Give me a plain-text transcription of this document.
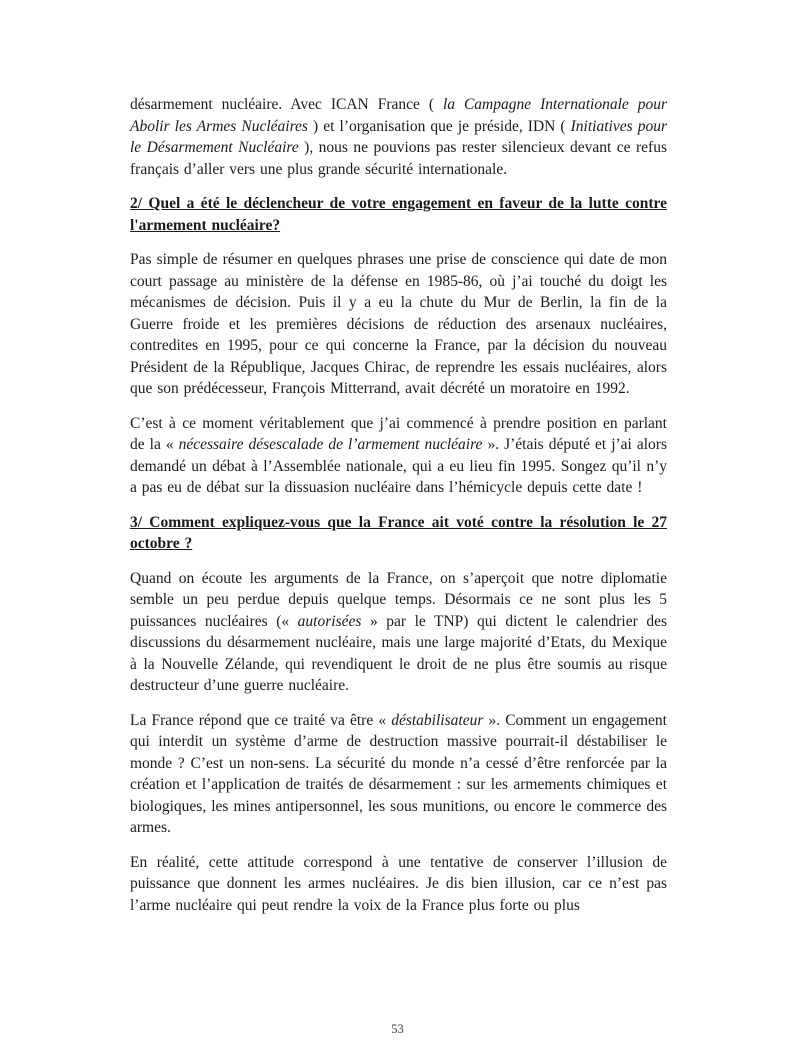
désarmement nucléaire. Avec ICAN France ( la Campagne Internationale pour Abolir les Armes Nucléaires ) et l’organisation que je préside, IDN ( Initiatives pour le Désarmement Nucléaire ), nous ne pouvions pas rester silencieux devant ce refus français d’aller vers une plus grande sécurité internationale.
2/ Quel a été le déclencheur de votre engagement en faveur de la lutte contre l'armement nucléaire?
Pas simple de résumer en quelques phrases une prise de conscience qui date de mon court passage au ministère de la défense en 1985-86, où j’ai touché du doigt les mécanismes de décision. Puis il y a eu la chute du Mur de Berlin, la fin de la Guerre froide et les premières décisions de réduction des arsenaux nucléaires, contredites en 1995, pour ce qui concerne la France, par la décision du nouveau Président de la République, Jacques Chirac, de reprendre les essais nucléaires, alors que son prédécesseur, François Mitterrand, avait décrété un moratoire en 1992.
C’est à ce moment véritablement que j’ai commencé à prendre position en parlant de la « nécessaire désescalade de l’armement nucléaire ». J’étais député et j’ai alors demandé un débat à l’Assemblée nationale, qui a eu lieu fin 1995. Songez qu’il n’y a pas eu de débat sur la dissuasion nucléaire dans l’hémicycle depuis cette date !
3/ Comment expliquez-vous que la France ait voté contre la résolution le 27 octobre ?
Quand on écoute les arguments de la France, on s’aperçoit que notre diplomatie semble un peu perdue depuis quelque temps. Désormais ce ne sont plus les 5 puissances nucléaires (« autorisées » par le TNP) qui dictent le calendrier des discussions du désarmement nucléaire, mais une large majorité d’Etats, du Mexique à la Nouvelle Zélande, qui revendiquent le droit de ne plus être soumis au risque destructeur d’une guerre nucléaire.
La France répond que ce traité va être « déstabilisateur ». Comment un engagement qui interdit un système d’arme de destruction massive pourrait-il déstabiliser le monde ? C’est un non-sens. La sécurité du monde n’a cessé d’être renforcée par la création et l’application de traités de désarmement : sur les armements chimiques et biologiques, les mines antipersonnel, les sous munitions, ou encore le commerce des armes.
En réalité, cette attitude correspond à une tentative de conserver l’illusion de puissance que donnent les armes nucléaires. Je dis bien illusion, car ce n’est pas l’arme nucléaire qui peut rendre la voix de la France plus forte ou plus
53
